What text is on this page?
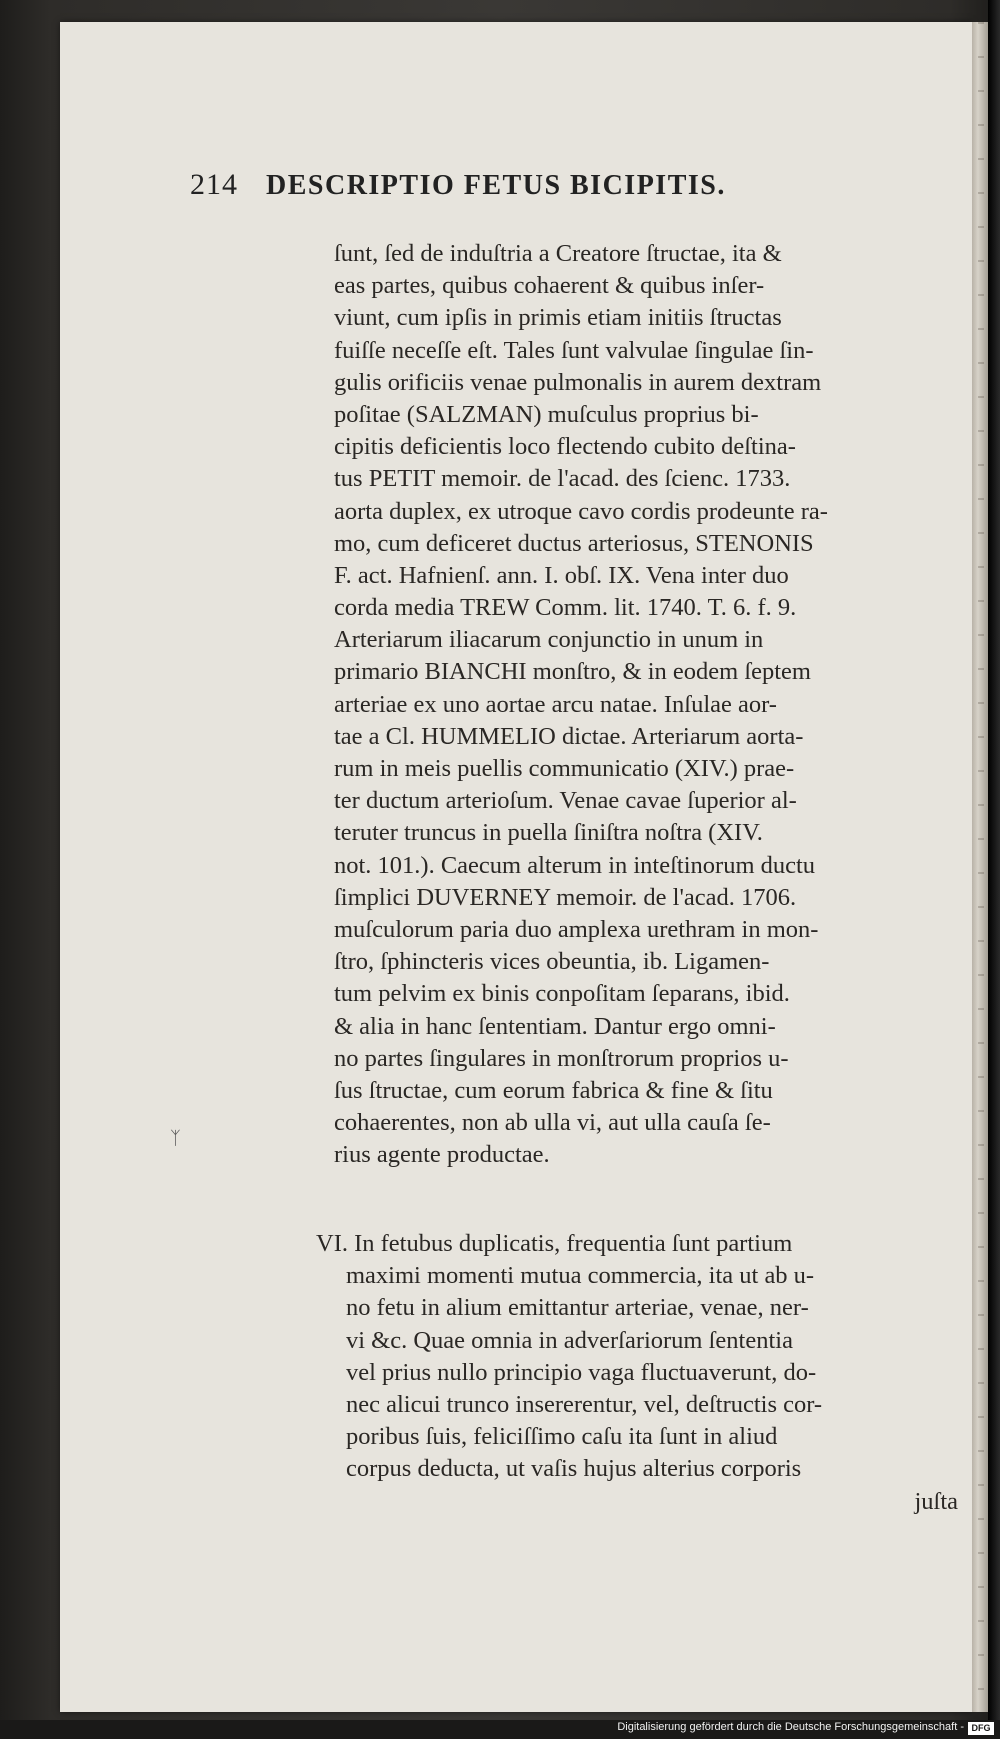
214 DESCRIPTIO FETUS BICIPITIS.
ſunt, ſed de induſtria a Creatore ſtructae, ita &
eas partes, quibus cohaerent & quibus inſer-
viunt, cum ipſis in primis etiam initiis ſtructas
fuiſſe neceſſe eſt. Tales ſunt valvulae ſingulae ſin-
gulis orificiis venae pulmonalis in aurem dextram
poſitae (SALZMAN) muſculus proprius bi-
cipitis deficientis loco flectendo cubito deſtina-
tus PETIT memoir. de l'acad. des ſcienc. 1733.
aorta duplex, ex utroque cavo cordis prodeunte ra-
mo, cum deficeret ductus arteriosus, STENONIS
F. act. Hafnienſ. ann. I. obſ. IX. Vena inter duo
corda media TREW Comm. lit. 1740. T. 6. f. 9.
Arteriarum iliacarum conjunctio in unum in
primario BIANCHI monſtro, & in eodem ſeptem
arteriae ex uno aortae arcu natae. Inſulae aor-
tae a Cl. HUMMELIO dictae. Arteriarum aorta-
rum in meis puellis communicatio (XIV.) prae-
ter ductum arterioſum. Venae cavae ſuperior al-
teruter truncus in puella ſiniſtra noſtra (XIV.
not. 101.). Caecum alterum in inteſtinorum ductu
ſimplici DUVERNEY memoir. de l'acad. 1706.
muſculorum paria duo amplexa urethram in mon-
ſtro, ſphincteris vices obeuntia, ib. Ligamen-
tum pelvim ex binis conpoſitam ſeparans, ibid.
& alia in hanc ſententiam. Dantur ergo omni-
no partes ſingulares in monſtrorum proprios u-
ſus ſtructae, cum eorum fabrica & fine & ſitu
cohaerentes, non ab ulla vi, aut ulla cauſa ſe-
rius agente productae.
VI. In fetubus duplicatis, frequentia ſunt partium
maximi momenti mutua commercia, ita ut ab u-
no fetu in alium emittantur arteriae, venae, ner-
vi &c. Quae omnia in adverſariorum ſententia
vel prius nullo principio vaga fluctuaverunt, do-
nec alicui trunco insererentur, vel, deſtructis cor-
poribus ſuis, feliciſſimo caſu ita ſunt in aliud
corpus deducta, ut vaſis hujus alterius corporis
juſta
ᛉ
Digitalisierung gefördert durch die Deutsche Forschungsgemeinschaft - DFG
